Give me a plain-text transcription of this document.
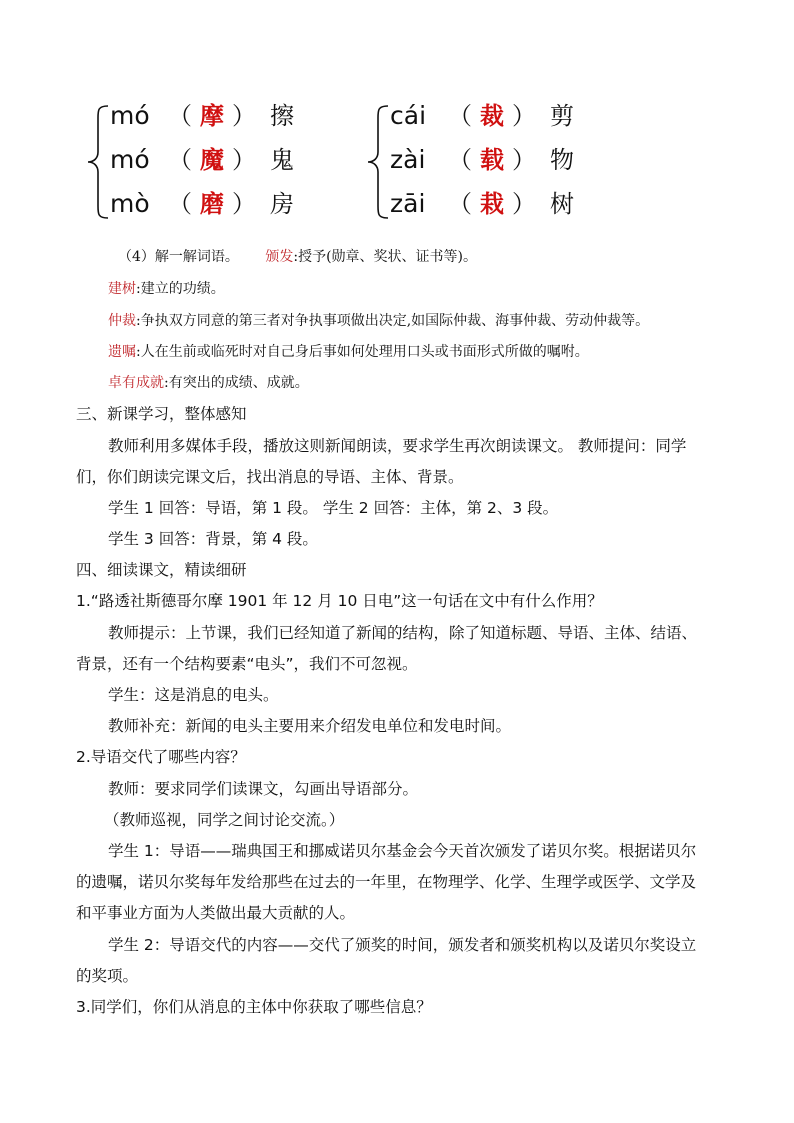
mó （ 摩 ） 擦
mó （ 魔 ） 鬼
mò （ 磨 ） 房
cái （ 裁 ） 剪
zài （ 载 ） 物
zāi （ 栽 ） 树
（4）解一解词语。 颁发:授予(勋章、奖状、证书等)。
建树:建立的功绩。
仲裁:争执双方同意的第三者对争执事项做出决定,如国际仲裁、海事仲裁、劳动仲裁等。
遗嘱:人在生前或临死时对自己身后事如何处理用口头或书面形式所做的嘱咐。
卓有成就:有突出的成绩、成就。
三、新课学习，整体感知
教师利用多媒体手段，播放这则新闻朗读，要求学生再次朗读课文。 教师提问：同学
们，你们朗读完课文后，找出消息的导语、主体、背景。
学生 1 回答：导语，第 1 段。 学生 2 回答：主体，第 2、3 段。
学生 3 回答：背景，第 4 段。
四、细读课文，精读细研
1.“路透社斯德哥尔摩 1901 年 12 月 10 日电”这一句话在文中有什么作用？
教师提示：上节课，我们已经知道了新闻的结构，除了知道标题、导语、主体、结语、
背景，还有一个结构要素“电头”，我们不可忽视。
学生：这是消息的电头。
教师补充：新闻的电头主要用来介绍发电单位和发电时间。
2.导语交代了哪些内容？
教师：要求同学们读课文，勾画出导语部分。
（教师巡视，同学之间讨论交流。）
学生 1：导语——瑞典国王和挪威诺贝尔基金会今天首次颁发了诺贝尔奖。根据诺贝尔
的遗嘱，诺贝尔奖每年发给那些在过去的一年里，在物理学、化学、生理学或医学、文学及
和平事业方面为人类做出最大贡献的人。
学生 2：导语交代的内容——交代了颁奖的时间，颁发者和颁奖机构以及诺贝尔奖设立
的奖项。
3.同学们，你们从消息的主体中你获取了哪些信息？
